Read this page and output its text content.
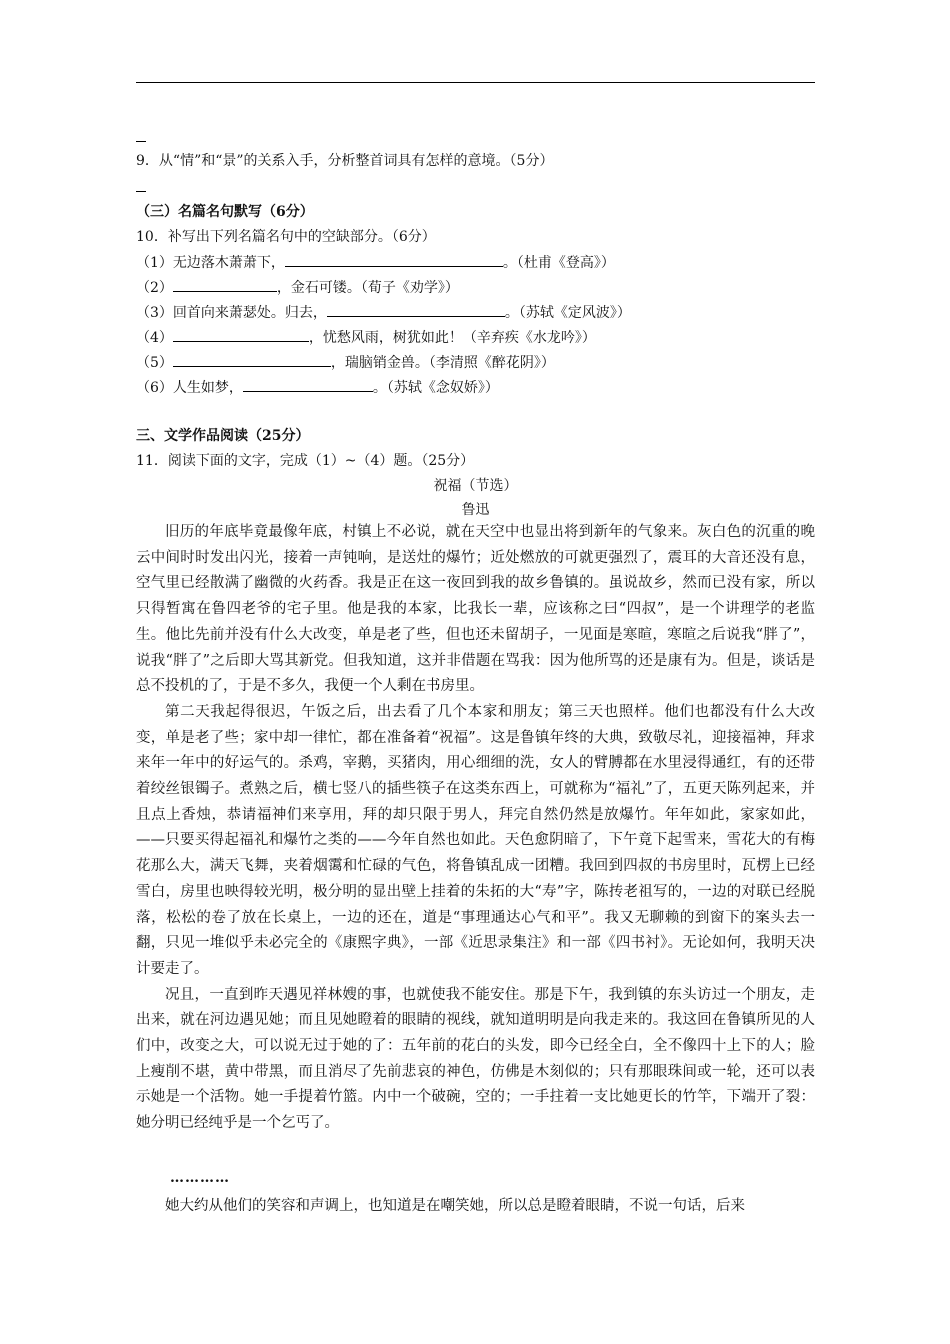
9．从“情”和“景”的关系入手，分析整首词具有怎样的意境。（5分）
（三）名篇名句默写（6分）
10．补写出下列名篇名句中的空缺部分。（6分）
（1）无边落木萧萧下，	。（杜甫《登高》）
（2）	，金石可镂。（荀子《劝学》）
（3）回首向来萧瑟处。归去，	。（苏轼《定风波》）
（4）	，忧愁风雨，树犹如此！（辛弃疾《水龙吟》）
（5）	，瑞脑销金兽。（李清照《醉花阴》）
（6）人生如梦，	。（苏轼《念奴娇》）
三、文学作品阅读（25分）
11．阅读下面的文字，完成（1）~（4）题。（25分）
祝福（节选）
鲁迅

旧历的年底毕竟最像年底，村镇上不必说，就在天空中也显出将到新年的气象来。灰白色的沉重的晚云中间时时发出闪光，接着一声钝响，是送灶的爆竹；近处燃放的可就更强烈了，震耳的大音还没有息，空气里已经散满了幽微的火药香。我是正在这一夜回到我的故乡鲁镇的。虽说故乡，然而已没有家，所以只得暂寓在鲁四老爷的宅子里。他是我的本家，比我长一辈，应该称之曰“四叔”，是一个讲理学的老监生。他比先前并没有什么大改变，单是老了些，但也还未留胡子，一见面是寒暄，寒暄之后说我“胖了”，说我“胖了”之后即大骂其新党。但我知道，这并非借题在骂我：因为他所骂的还是康有为。但是，谈话是总不投机的了，于是不多久，我便一个人剩在书房里。

第二天我起得很迟，午饭之后，出去看了几个本家和朋友；第三天也照样。他们也都没有什么大改变，单是老了些；家中却一律忙，都在准备着“祝福”。这是鲁镇年终的大典，致敬尽礼，迎接福神，拜求来年一年中的好运气的。杀鸡，宰鹅，买猪肉，用心细细的洗，女人的臂膊都在水里浸得通红，有的还带着绞丝银镯子。煮熟之后，横七竖八的插些筷子在这类东西上，可就称为“福礼”了，五更天陈列起来，并且点上香烛，恭请福神们来享用，拜的却只限于男人，拜完自然仍然是放爆竹。年年如此，家家如此，——只要买得起福礼和爆竹之类的——今年自然也如此。天色愈阴暗了，下午竟下起雪来，雪花大的有梅花那么大，满天飞舞，夹着烟霭和忙碌的气色，将鲁镇乱成一团糟。我回到四叔的书房里时，瓦楞上已经雪白，房里也映得较光明，极分明的显出壁上挂着的朱拓的大“寿”字，陈抟老祖写的，一边的对联已经脱落，松松的卷了放在长桌上，一边的还在，道是“事理通达心气和平”。我又无聊赖的到窗下的案头去一翻，只见一堆似乎未必完全的《康熙字典》，一部《近思录集注》和一部《四书衬》。无论如何，我明天决计要走了。

况且，一直到昨天遇见祥林嫂的事，也就使我不能安住。那是下午，我到镇的东头访过一个朋友，走出来，就在河边遇见她；而且见她瞪着的眼睛的视线，就知道明明是向我走来的。我这回在鲁镇所见的人们中，改变之大，可以说无过于她的了：五年前的花白的头发，即今已经全白，全不像四十上下的人；脸上瘦削不堪，黄中带黑，而且消尽了先前悲哀的神色，仿佛是木刻似的；只有那眼珠间或一轮，还可以表示她是一个活物。她一手提着竹篮。内中一个破碗，空的；一手拄着一支比她更长的竹竿，下端开了裂：她分明已经纯乎是一个乞丐了。

…………

她大约从他们的笑容和声调上，也知道是在嘲笑她，所以总是瞪着眼睛，不说一句话，后来
